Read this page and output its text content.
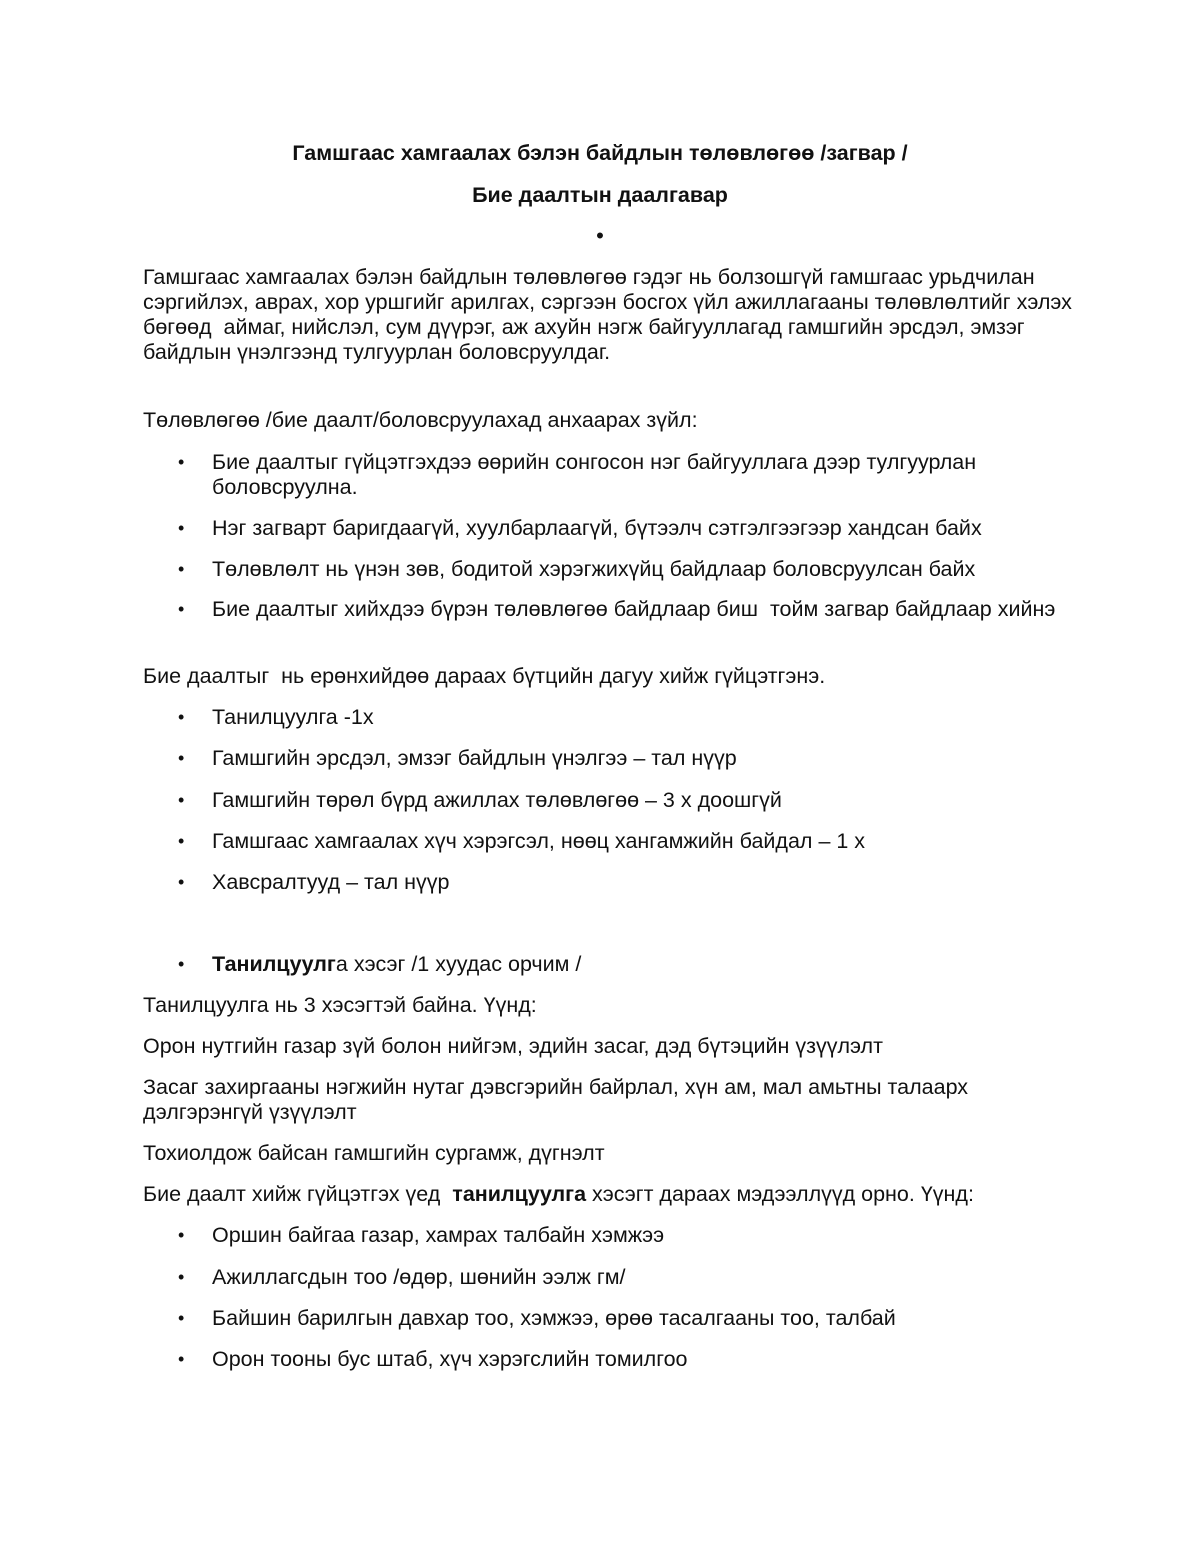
Гамшгаас хамгаалах бэлэн байдлын төлөвлөгөө /загвар /
Бие даалтын даалгавар
•
Гамшгаас хамгаалах бэлэн байдлын төлөвлөгөө гэдэг нь болзошгүй гамшгаас урьдчилан сэргийлэх, аврах, хор уршгийг арилгах, сэргээн босгох үйл ажиллагааны төлөвлөлтийг хэлэх бөгөөд  аймаг, нийслэл, сум дүүрэг, аж ахуйн нэгж байгууллагад гамшгийн эрсдэл, эмзэг байдлын үнэлгээнд тулгуурлан боловсруулдаг.
Төлөвлөгөө /бие даалт/боловсруулахад анхаарах зүйл:
•	Бие даалтыг гүйцэтгэхдээ өөрийн сонгосон нэг байгууллага дээр тулгуурлан боловсруулна.
•	Нэг загварт баригдаагүй, хуулбарлаагүй, бүтээлч сэтгэлгээгээр хандсан байх
•	Төлөвлөлт нь үнэн зөв, бодитой хэрэгжихүйц байдлаар боловсруулсан байх
•	Бие даалтыг хийхдээ бүрэн төлөвлөгөө байдлаар биш  тойм загвар байдлаар хийнэ
Бие даалтыг  нь ерөнхийдөө дараах бүтцийн дагуу хийж гүйцэтгэнэ.
•	Танилцуулга -1х
•	Гамшгийн эрсдэл, эмзэг байдлын үнэлгээ – тал нүүр
•	Гамшгийн төрөл бүрд ажиллах төлөвлөгөө – 3 х доошгүй
•	Гамшгаас хамгаалах хүч хэрэгсэл, нөөц хангамжийн байдал – 1 х
•	Хавсралтууд – тал нүүр
•	Танилцуулга хэсэг /1 хуудас орчим /
Танилцуулга нь 3 хэсэгтэй байна. Үүнд:
Орон нутгийн газар зүй болон нийгэм, эдийн засаг, дэд бүтэцийн үзүүлэлт
Засаг захиргааны нэгжийн нутаг дэвсгэрийн байрлал, хүн ам, мал амьтны талаарх дэлгэрэнгүй үзүүлэлт
Тохиолдож байсан гамшгийн сургамж, дүгнэлт
Бие даалт хийж гүйцэтгэх үед  танилцуулга хэсэгт дараах мэдээллүүд орно. Үүнд:
•	Оршин байгаа газар, хамрах талбайн хэмжээ
•	Ажиллагсдын тоо /өдөр, шөнийн ээлж гм/
•	Байшин барилгын давхар тоо, хэмжээ, өрөө тасалгааны тоо, талбай
•	Орон тооны бус штаб, хүч хэрэгслийн томилгоо
